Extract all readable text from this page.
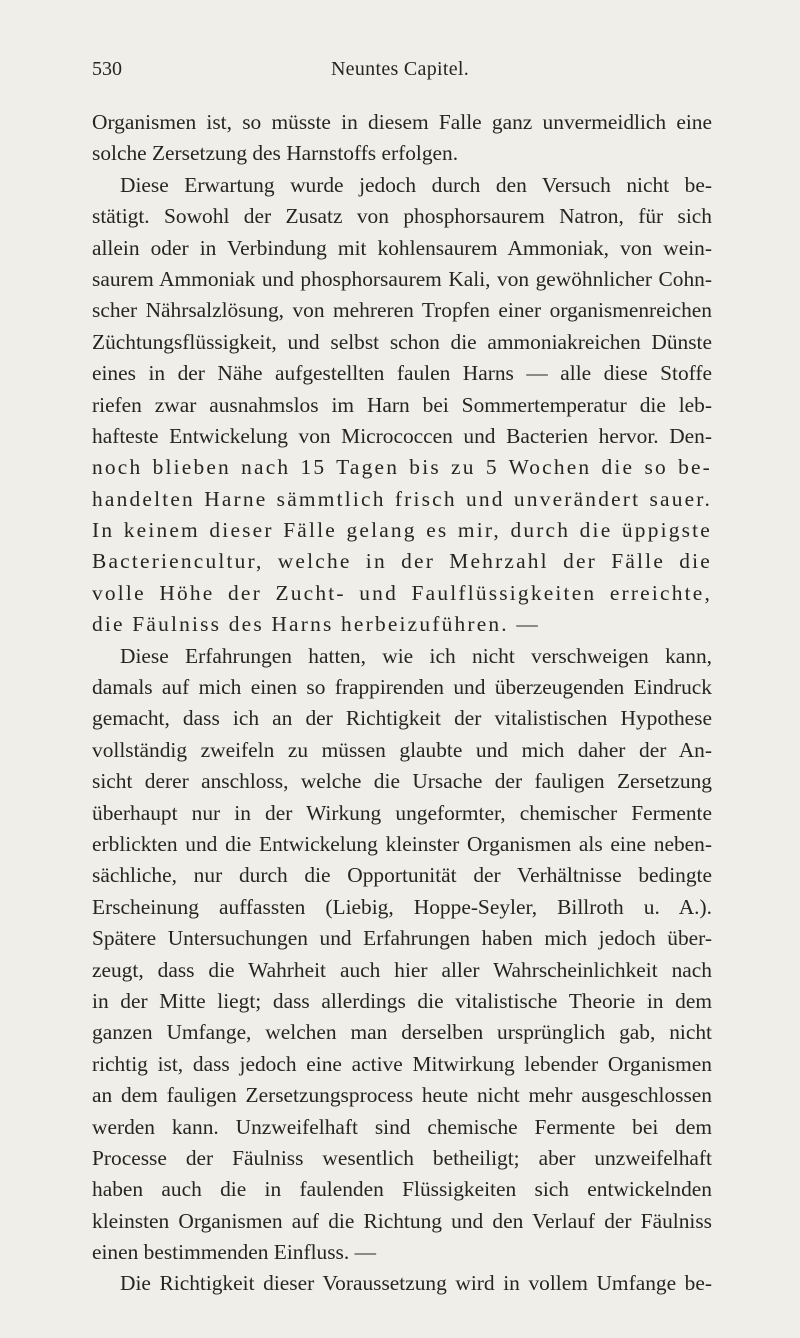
530	Neuntes Capitel.
Organismen ist, so müsste in diesem Falle ganz unvermeidlich eine
solche Zersetzung des Harnstoffs erfolgen.
Diese Erwartung wurde jedoch durch den Versuch nicht be-
stätigt. Sowohl der Zusatz von phosphorsaurem Natron, für sich
allein oder in Verbindung mit kohlensaurem Ammoniak, von wein-
saurem Ammoniak und phosphorsaurem Kali, von gewöhnlicher Cohn-
scher Nährsalzlösung, von mehreren Tropfen einer organismenreichen
Züchtungsflüssigkeit, und selbst schon die ammoniakreichen Dünste
eines in der Nähe aufgestellten faulen Harns — alle diese Stoffe
riefen zwar ausnahmslos im Harn bei Sommertemperatur die leb-
hafteste Entwickelung von Micrococcen und Bacterien hervor. Den-
noch blieben nach 15 Tagen bis zu 5 Wochen die so be-
handelten Harne sämmtlich frisch und unverändert sauer.
In keinem dieser Fälle gelang es mir, durch die üppigste
Bacteriencultur, welche in der Mehrzahl der Fälle die
volle Höhe der Zucht- und Faulflüssigkeiten erreichte,
die Fäulniss des Harns herbeizuführen. —
Diese Erfahrungen hatten, wie ich nicht verschweigen kann,
damals auf mich einen so frappirenden und überzeugenden Eindruck
gemacht, dass ich an der Richtigkeit der vitalistischen Hypothese
vollständig zweifeln zu müssen glaubte und mich daher der An-
sicht derer anschloss, welche die Ursache der fauligen Zersetzung
überhaupt nur in der Wirkung ungeformter, chemischer Fermente
erblickten und die Entwickelung kleinster Organismen als eine neben-
sächliche, nur durch die Opportunität der Verhältnisse bedingte
Erscheinung auffassten (Liebig, Hoppe-Seyler, Billroth u. A.).
Spätere Untersuchungen und Erfahrungen haben mich jedoch über-
zeugt, dass die Wahrheit auch hier aller Wahrscheinlichkeit nach
in der Mitte liegt; dass allerdings die vitalistische Theorie in dem
ganzen Umfange, welchen man derselben ursprünglich gab, nicht
richtig ist, dass jedoch eine active Mitwirkung lebender Organismen
an dem fauligen Zersetzungsprocess heute nicht mehr ausgeschlossen
werden kann. Unzweifelhaft sind chemische Fermente bei dem
Processe der Fäulniss wesentlich betheiligt; aber unzweifelhaft
haben auch die in faulenden Flüssigkeiten sich entwickelnden
kleinsten Organismen auf die Richtung und den Verlauf der Fäulniss
einen bestimmenden Einfluss. —
Die Richtigkeit dieser Voraussetzung wird in vollem Umfange be-
